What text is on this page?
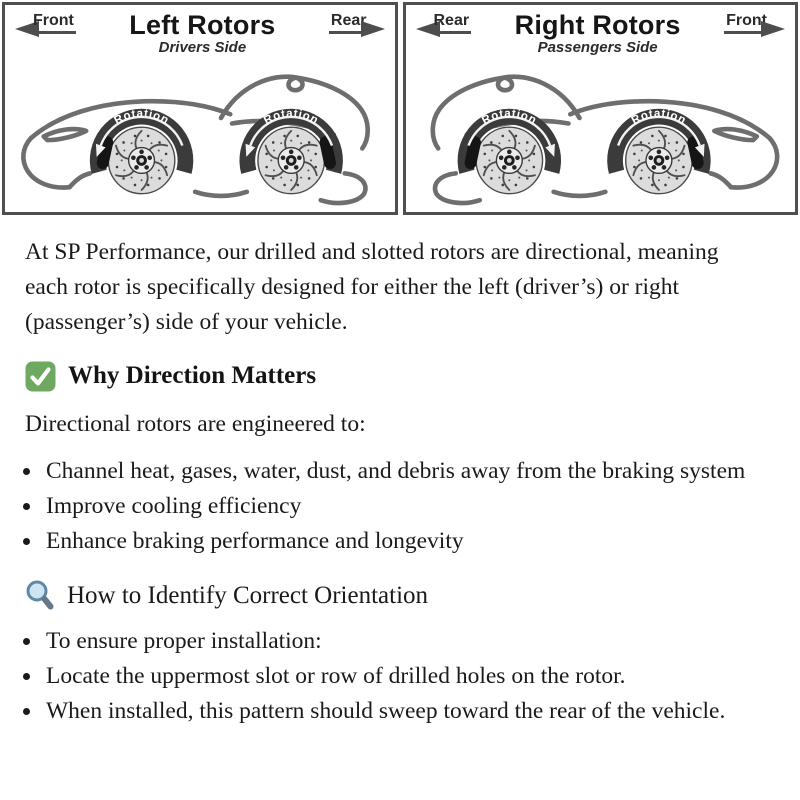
Front	Left Rotors
Drivers Side
Rear
Rotation	Rotation
Rear	Right Rotors
Passengers Side
Front
Rotation
Rotation

At SP Performance, our drilled and slotted rotors are directional, meaning each rotor is specifically designed for either the left (driver’s) or right (passenger’s) side of your vehicle.

Why Direction Matters

Directional rotors are engineered to:

• Channel heat, gases, water, dust, and debris away from the braking system
• Improve cooling efficiency
• Enhance braking performance and longevity
How to Identify Correct Orientation
• To ensure proper installation:
• Locate the uppermost slot or row of drilled holes on the rotor.
• When installed, this pattern should sweep toward the rear of the vehicle.
